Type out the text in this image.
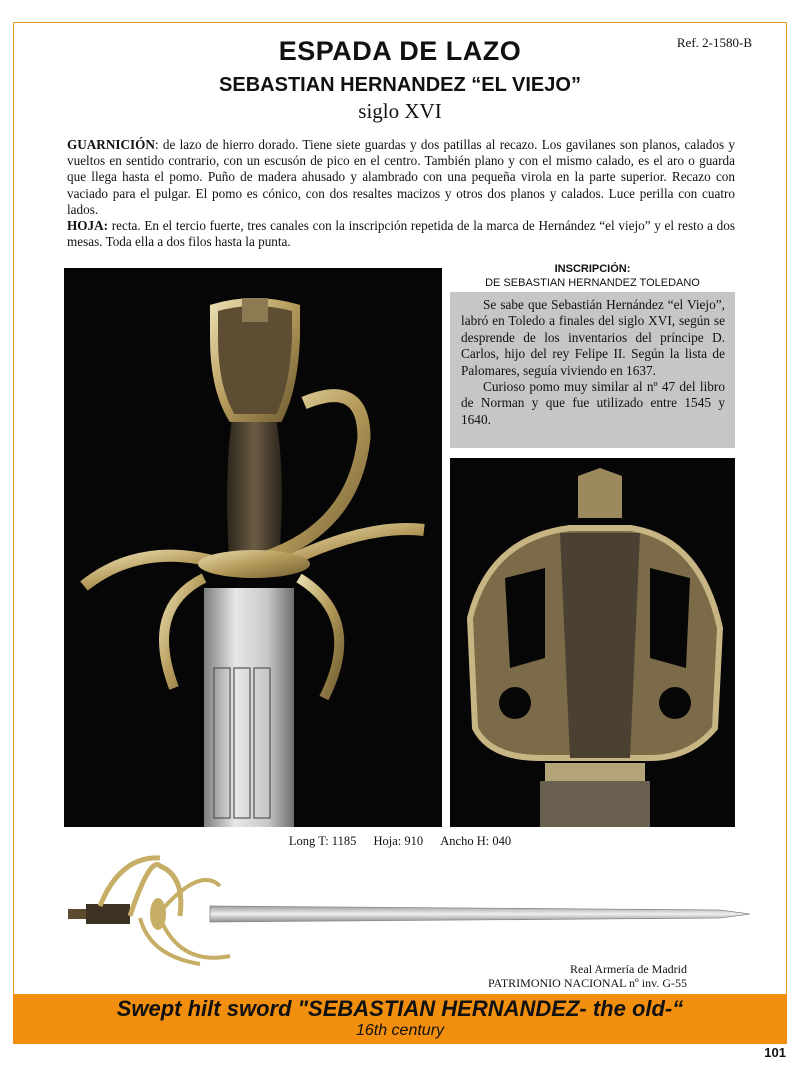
Ref. 2-1580-B
ESPADA DE LAZO
SEBASTIAN HERNANDEZ “EL VIEJO”
siglo XVI

GUARNICIÓN: de lazo de hierro dorado. Tiene siete guardas y dos patillas al recazo. Los gavilanes son planos, calados y vueltos en sentido contrario, con un escusón de pico en el centro. También plano y con el mismo calado, es el aro o guarda que llega hasta el pomo. Puño de madera ahusado y alambrado con una pequeña virola en la parte superior. Recazo con vaciado para el pulgar. El pomo es cónico, con dos resaltes macizos y otros dos planos y calados. Luce perilla con cuatro lados.

HOJA: recta. En el tercio fuerte, tres canales con la inscripción repetida de la marca de Hernández “el viejo” y el resto a dos mesas. Toda ella a dos filos hasta la punta.

INSCRIPCIÓN:
DE SEBASTIAN HERNANDEZ TOLEDANO

Se sabe que Sebastián Hernández “el Viejo”, labró en Toledo a finales del siglo XVI, según se desprende de los inventarios del príncipe D. Carlos, hijo del rey Felipe II. Según la lista de Palomares, seguía viviendo en 1637.

Curioso pomo muy similar al nº 47 del libro de Norman y que fue utilizado entre 1545 y 1640.

Long T: 1185 Hoja: 910 Ancho H: 040
Real Armería de Madrid
PATRIMONIO NACIONAL nº inv. G-55
Swept hilt sword "SEBASTIAN HERNANDEZ- the old-“
16th century
101
